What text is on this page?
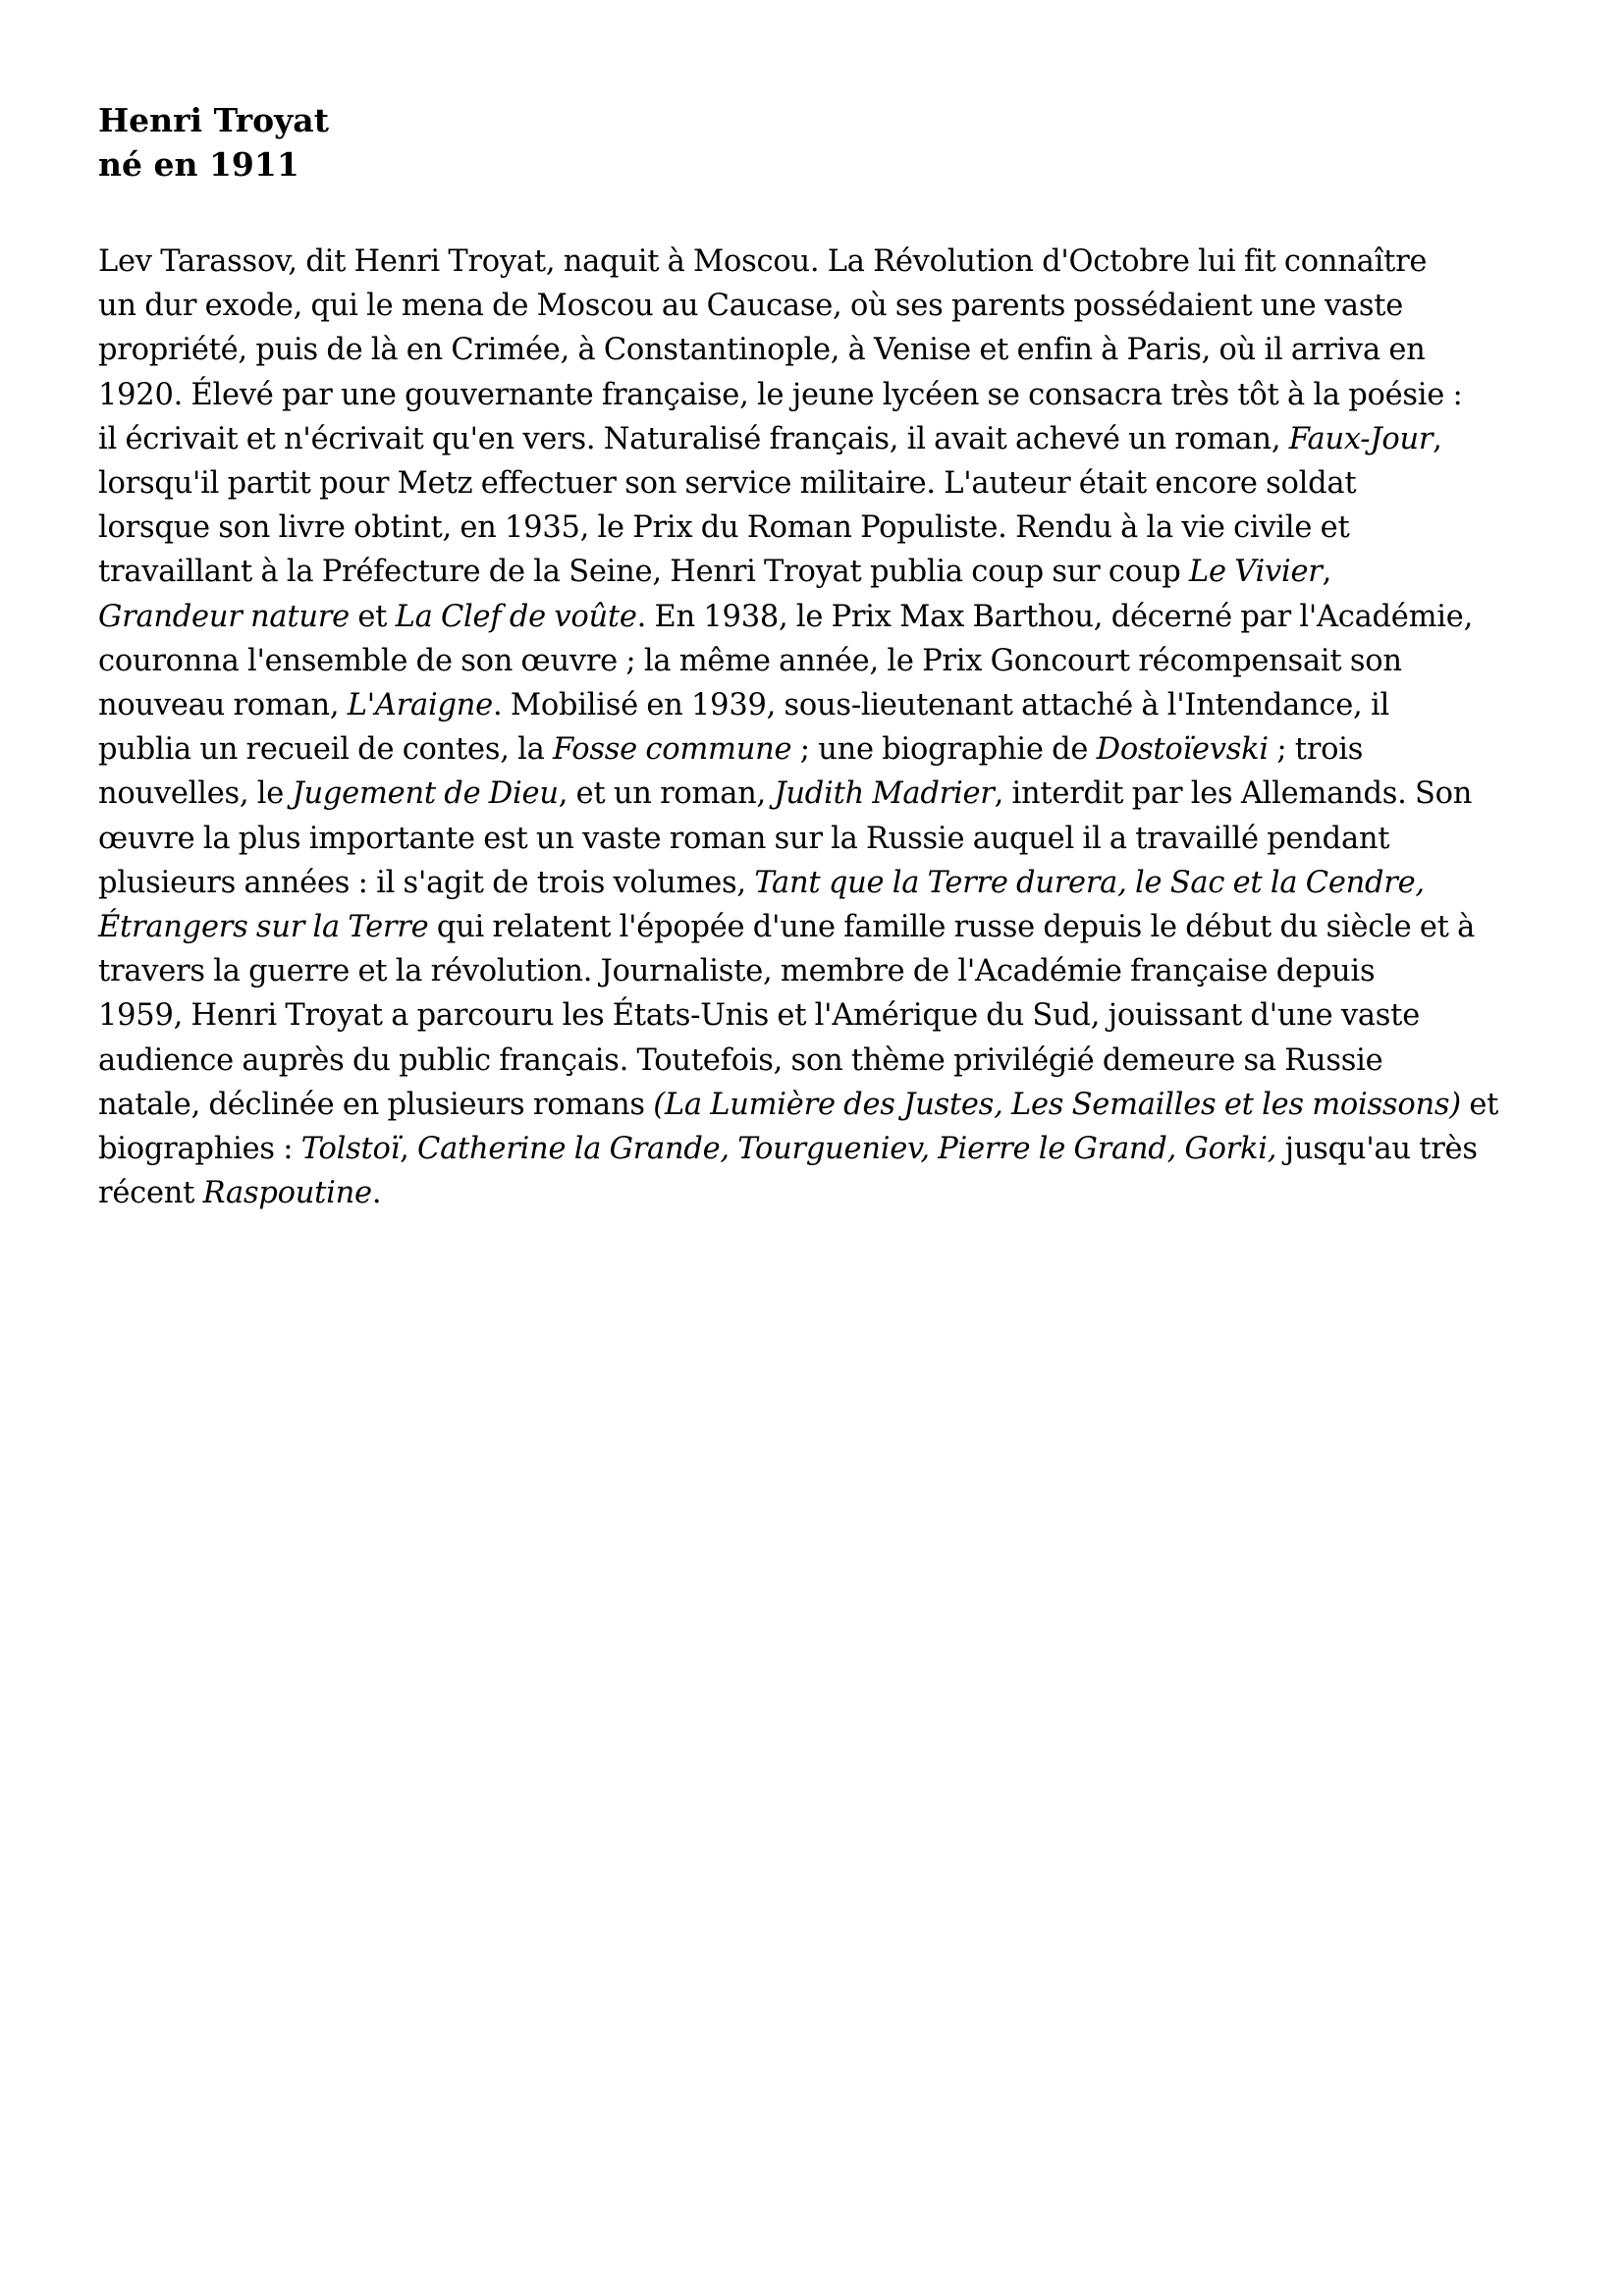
Henri Troyat
né en 1911
Lev Tarassov, dit Henri Troyat, naquit à Moscou. La Révolution d'Octobre lui fit connaître
un dur exode, qui le mena de Moscou au Caucase, où ses parents possédaient une vaste
propriété, puis de là en Crimée, à Constantinople, à Venise et enfin à Paris, où il arriva en
1920. Élevé par une gouvernante française, le jeune lycéen se consacra très tôt à la poésie :
il écrivait et n'écrivait qu'en vers. Naturalisé français, il avait achevé un roman, Faux-Jour,
lorsqu'il partit pour Metz effectuer son service militaire. L'auteur était encore soldat
lorsque son livre obtint, en 1935, le Prix du Roman Populiste. Rendu à la vie civile et
travaillant à la Préfecture de la Seine, Henri Troyat publia coup sur coup Le Vivier,
Grandeur nature et La Clef de voûte. En 1938, le Prix Max Barthou, décerné par l'Académie,
couronna l'ensemble de son œuvre ; la même année, le Prix Goncourt récompensait son
nouveau roman, L'Araigne. Mobilisé en 1939, sous-lieutenant attaché à l'Intendance, il
publia un recueil de contes, la Fosse commune ; une biographie de Dostoïevski ; trois
nouvelles, le Jugement de Dieu, et un roman, Judith Madrier, interdit par les Allemands. Son
œuvre la plus importante est un vaste roman sur la Russie auquel il a travaillé pendant
plusieurs années : il s'agit de trois volumes, Tant que la Terre durera, le Sac et la Cendre,
Étrangers sur la Terre qui relatent l'épopée d'une famille russe depuis le début du siècle et à
travers la guerre et la révolution. Journaliste, membre de l'Académie française depuis
1959, Henri Troyat a parcouru les États-Unis et l'Amérique du Sud, jouissant d'une vaste
audience auprès du public français. Toutefois, son thème privilégié demeure sa Russie
natale, déclinée en plusieurs romans (La Lumière des Justes, Les Semailles et les moissons) et
biographies : Tolstoï, Catherine la Grande, Tourgueniev, Pierre le Grand, Gorki, jusqu'au très
récent Raspoutine.
